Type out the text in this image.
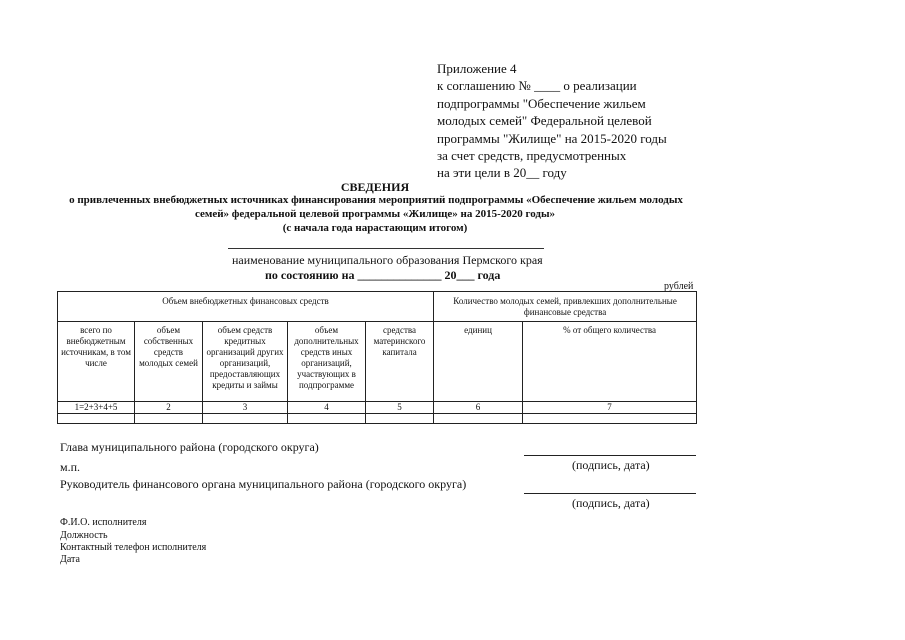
Приложение 4
к соглашению № ____ о реализации
подпрограммы "Обеспечение жильем
молодых семей" Федеральной целевой
программы "Жилище" на 2015-2020 годы
за счет средств, предусмотренных
на эти цели в 20__ году
СВЕДЕНИЯ
о привлеченных внебюджетных источниках финансирования мероприятий подпрограммы «Обеспечение жильем молодых
семей» федеральной целевой программы «Жилище» на 2015-2020 годы»
(с начала года нарастающим итогом)
наименование муниципального образования Пермского края
по состоянию на ______________ 20___ года
рублей
Объем внебюджетных финансовых средств					Количество молодых семей, привлекших дополнительные финансовые средства	
всего по внебюджетным источникам, в том числе	объем собственных средств молодых семей	объем средств кредитных организаций других организаций, предоставляющих кредиты и займы	объем дополнительных средств иных организаций, участвующих в подпрограмме	средства материнского капитала	единиц	% от общего количества
1=2+3+4+5	2	3	4	5	6	7

Глава муниципального района (городского округа)
(подпись, дата)
м.п.
Руководитель финансового органа муниципального района (городского округа)
(подпись, дата)
Ф.И.О. исполнителя
Должность
Контактный телефон исполнителя
Дата
